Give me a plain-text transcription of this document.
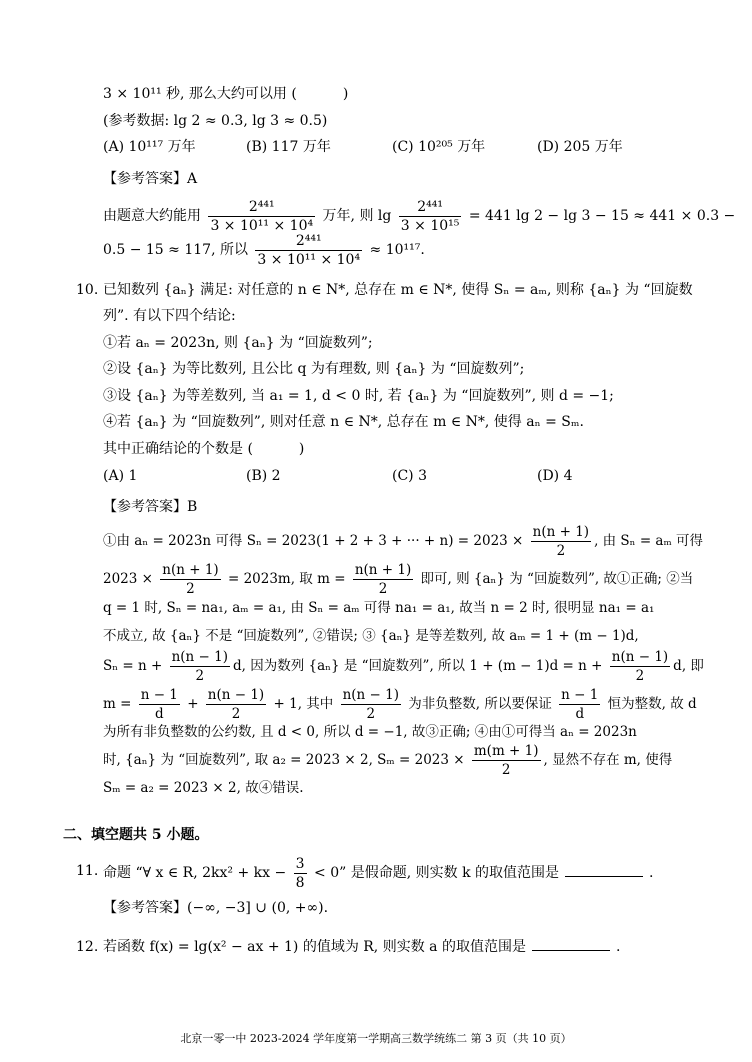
3 × 10¹¹ 秒, 那么大约可以用 (	)
(参考数据: lg 2 ≈ 0.3, lg 3 ≈ 0.5)
(A) 10¹¹⁷ 万年	(B) 117 万年	(C) 10²⁰⁵ 万年	(D) 205 万年
【参考答案】A
由题意大约能用 $\frac{\text{2⁴⁴¹}}{\text{3 × 10¹¹ × 10⁴}}$ 万年, 则 $\lg \frac{\text{2⁴⁴¹}}{\text{3 × 10¹⁵}} = 441$ lg 2 − lg 3 − 15 ≈ 441 × 0.3 −
0.5 − 15 ≈ 117, 所以 $\frac{\text{2⁴⁴¹}}{\text{3 × 10¹¹ × 10⁴}} \approx 10^{117}$.
10. 已知数列 {aₙ} 满足: 对任意的 n ∈ N*, 总存在 m ∈ N*, 使得 Sₙ = aₘ, 则称 {aₙ} 为 “回旋数
列”. 有以下四个结论:
①若 aₙ = 2023n, 则 {aₙ} 为 “回旋数列”;
②设 {aₙ} 为等比数列, 且公比 q 为有理数, 则 {aₙ} 为 “回旋数列”;
③设 {aₙ} 为等差数列, 当 a₁ = 1, d < 0 时, 若 {aₙ} 为 “回旋数列”, 则 d = −1;
④若 {aₙ} 为 “回旋数列”, 则对任意 n ∈ N*, 总存在 m ∈ N*, 使得 aₙ = Sₘ.
其中正确结论的个数是 (	)
(A) 1	(B) 2	(C) 3	(D) 4
【参考答案】B
①由 aₙ = 2023n 可得 Sₙ = 2023(1 + 2 + 3 + ··· + $n) = 2023 \times \frac{n(n + 1)}{2}$ , 由 Sₙ = aₘ 可得
$2023 \times \frac{n(n + 1)}{2} = 2023m$, 取 $m = \frac{n(n + 1)}{2}$ 即可, 则 {aₙ} 为 “回旋数列”, 故①正确; ②当
q = 1 时, Sₙ = na₁, aₘ = a₁, 由 Sₙ = aₘ 可得 na₁ = a₁, 故当 n = 2 时, 很明显 na₁ = a₁
不成立, 故 {aₙ} 不是 “回旋数列”, ②错误; ③ {aₙ} 是等差数列, 故 aₘ = 1 + (m − 1)d,
$S_n = n + \frac{n(n - 1)}{2} d$, 因为数列 {aₙ} 是 “回旋数列”, 所以 $1 + (m - 1)d = n + \frac{n(n - 1)}{2} d$, 即
$m = \frac{n - 1}{d} + \frac{n(n - 1)}{2} + 1$, 其中 $\frac{n(n - 1)}{2}$ 为非负整数, 所以要保证 $\frac{n - 1}{d}$ 恒为整数, 故 d
为所有非负整数的公约数, 且 d < 0, 所以 d = −1, 故③正确; ④由①可得当 aₙ = 2023n
时, {aₙ} 为 “回旋数列”, 取 a₂ = 2023 × 2, $S_m = 2023 \times \frac{m(m + 1)}{2}$ , 显然不存在 m, 使得
Sₘ = a₂ = 2023 × 2, 故④错误.
二、填空题共 5 小题。
11. 命题 “∀ x ∈ R, 2kx² + kx − $\frac{3}{8} < 0$” 是假命题, 则实数 k 的取值范围是	.
【参考答案】(−∞, −3] ∪ (0, +∞).
12. 若函数 f(x) = lg(x² − ax + 1) 的值域为 R, 则实数 a 的取值范围是	.
北京一零一中 2023-2024 学年度第一学期高三数学统练二 第 3 页（共 10 页）
